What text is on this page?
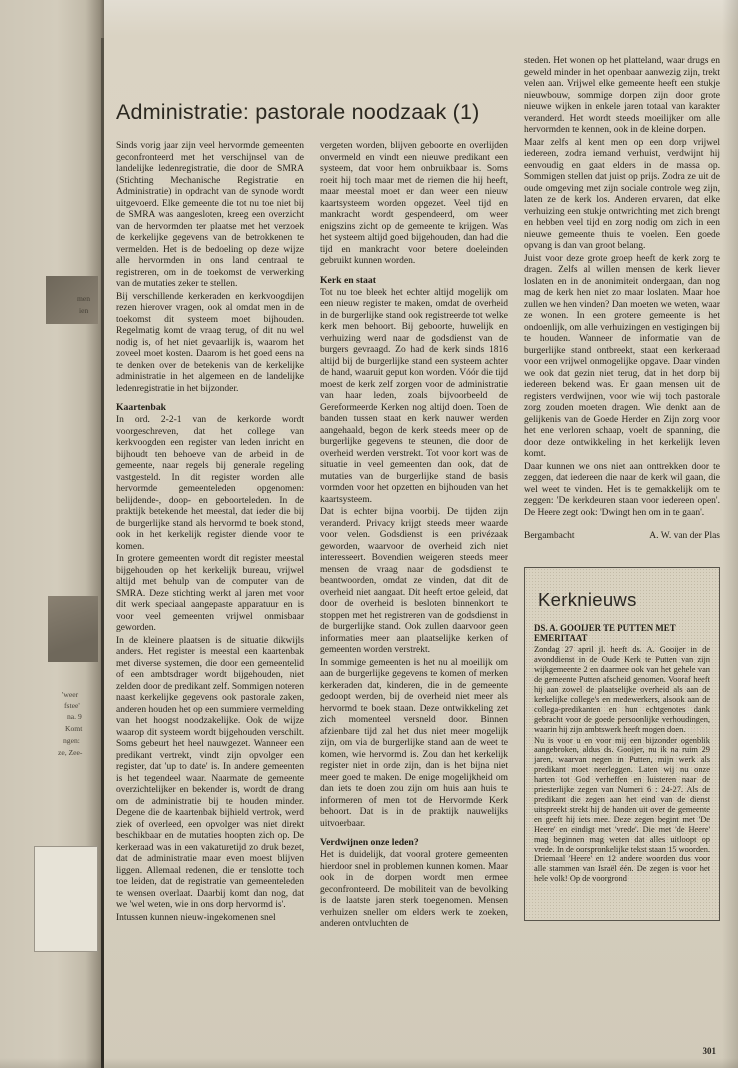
men
ien
'weer
fstee'
na. 9
Komt
ngen:
ze, Zee-
Administratie: pastorale noodzaak (1)

Sinds vorig jaar zijn veel hervormde gemeenten geconfronteerd met het verschijnsel van de landelijke ledenregistratie, die door de SMRA (Stichting Mechanische Registratie en Administratie) in opdracht van de synode wordt uitgevoerd. Elke gemeente die tot nu toe niet bij de SMRA was aangesloten, kreeg een overzicht van de hervormden ter plaatse met het verzoek de kerkelijke gegevens van de betrokkenen te vermelden. Het is de bedoeling op deze wijze alle hervormden in ons land centraal te registreren, om in de toekomst de verwerking van de mutaties zeker te stellen.

Bij verschillende kerkeraden en kerkvoogdijen rezen hierover vragen, ook al omdat men in de toekomst dit systeem moet bijhouden. Regelmatig komt de vraag terug, of dit nu wel nodig is, of het niet gevaarlijk is, waarom het zoveel moet kosten. Daarom is het goed eens na te denken over de betekenis van de kerkelijke administratie in het algemeen en de landelijke ledenregistratie in het bijzonder.

Kaartenbak

In ord. 2-2-1 van de kerkorde wordt voorgeschreven, dat het college van kerkvoogden een register van leden inricht en bijhoudt ten behoeve van de arbeid in de gemeente, naar regels bij generale regeling vastgesteld. In dit register worden alle hervormde gemeenteleden opgenomen: belijdende-, doop- en geboorteleden. In de praktijk betekende het meestal, dat ieder die bij de burgerlijke stand als hervormd te boek stond, ook in het kerkelijk register diende voor te komen.

In grotere gemeenten wordt dit register meestal bijgehouden op het kerkelijk bureau, vrijwel altijd met behulp van de computer van de SMRA. Deze stichting werkt al jaren met voor dit werk speciaal aangepaste apparatuur en is voor veel gemeenten vrijwel onmisbaar geworden.

In de kleinere plaatsen is de situatie dikwijls anders. Het register is meestal een kaartenbak met diverse systemen, die door een gemeentelid of een ambtsdrager wordt bijgehouden, niet zelden door de predikant zelf. Sommigen noteren naast kerkelijke gegevens ook pastorale zaken, anderen houden het op een summiere vermelding van het hoogst noodzakelijke. Ook de wijze waarop dit systeem wordt bijgehouden verschilt. Soms gebeurt het heel nauwgezet. Wanneer een predikant vertrekt, vindt zijn opvolger een register, dat 'up to date' is. In andere gemeenten is het tegendeel waar. Naarmate de gemeente overzichtelijker en bekender is, wordt de drang om de administratie bij te houden minder. Degene die de kaartenbak bijhield vertrok, werd ziek of overleed, een opvolger was niet direkt beschikbaar en de mutaties hoopten zich op. De kerkeraad was in een vakaturetijd zo druk bezet, dat de administratie maar even moest blijven liggen. Allemaal redenen, die er tenslotte toch toe leiden, dat de registratie van gemeenteleden te wensen overlaat. Daarbij komt dan nog, dat we 'wel weten, wie in ons dorp hervormd is'.

Intussen kunnen nieuw-ingekomenen snel

vergeten worden, blijven geboorte en overlijden onvermeld en vindt een nieuwe predikant een systeem, dat voor hem onbruikbaar is. Soms roeit hij toch maar met de riemen die hij heeft, maar meestal moet er dan weer een nieuw kaartsysteem worden opgezet. Veel tijd en mankracht wordt gespendeerd, om weer enigszins zicht op de gemeente te krijgen. Was het systeem altijd goed bijgehouden, dan had die tijd en mankracht voor betere doeleinden gebruikt kunnen worden.

Kerk en staat

Tot nu toe bleek het echter altijd mogelijk om een nieuw register te maken, omdat de overheid in de burgerlijke stand ook registreerde tot welke kerk men behoort. Bij geboorte, huwelijk en verhuizing werd naar de godsdienst van de burgers gevraagd. Zo had de kerk sinds 1816 altijd bij de burgerlijke stand een systeem achter de hand, waaruit geput kon worden. Vóór die tijd moest de kerk zelf zorgen voor de administratie van haar leden, zoals bijvoorbeeld de Gereformeerde Kerken nog altijd doen. Toen de banden tussen staat en kerk nauwer werden aangehaald, begon de kerk steeds meer op de burgerlijke gegevens te steunen, die door de overheid werden verstrekt. Tot voor kort was de situatie in veel gemeenten dan ook, dat de mutaties van de burgerlijke stand de basis vormden voor het opzetten en bijhouden van het kaartsysteem.

Dat is echter bijna voorbij. De tijden zijn veranderd. Privacy krijgt steeds meer waarde voor velen. Godsdienst is een privézaak geworden, waarvoor de overheid zich niet interesseert. Bovendien weigeren steeds meer mensen de vraag naar de godsdienst te beantwoorden, omdat ze vinden, dat dit de overheid niet aangaat. Dit heeft ertoe geleid, dat door de overheid is besloten binnenkort te stoppen met het registreren van de godsdienst in de burgerlijke stand. Ook zullen daarvoor geen informaties meer aan plaatselijke kerken of gemeenten worden verstrekt.

In sommige gemeenten is het nu al moeilijk om aan de burgerlijke gegevens te komen of merken kerkeraden dat, kinderen, die in de gemeente gedoopt werden, bij de overheid niet meer als hervormd te boek staan. Deze ontwikkeling zet zich momenteel versneld door. Binnen afzienbare tijd zal het dus niet meer mogelijk zijn, om via de burgerlijke stand aan de weet te komen, wie hervormd is. Zou dan het kerkelijk register niet in orde zijn, dan is het bijna niet meer goed te maken. De enige mogelijkheid om dan iets te doen zou zijn om huis aan huis te informeren of men tot de Hervormde Kerk behoort. Dat is in de praktijk nauwelijks uitvoerbaar.

Verdwijnen onze leden?

Het is duidelijk, dat vooral grotere gemeenten hierdoor snel in problemen kunnen komen. Maar ook in de dorpen wordt men ermee geconfronteerd. De mobiliteit van de bevolking is de laatste jaren sterk toegenomen. Mensen verhuizen sneller om elders werk te zoeken, anderen ontvluchten de

steden. Het wonen op het platteland, waar drugs en geweld minder in het openbaar aanwezig zijn, trekt velen aan. Vrijwel elke gemeente heeft een stukje nieuwbouw, sommige dorpen zijn door grote nieuwe wijken in enkele jaren totaal van karakter veranderd. Het wordt steeds moeilijker om alle hervormden te kennen, ook in de kleine dorpen.

Maar zelfs al kent men op een dorp vrijwel iedereen, zodra iemand verhuist, verdwijnt hij eenvoudig en gaat elders in de massa op. Sommigen stellen dat juist op prijs. Zodra ze uit de oude omgeving met zijn sociale controle weg zijn, laten ze de kerk los. Anderen ervaren, dat elke verhuizing een stukje ontwrichting met zich brengt en hebben veel tijd en zorg nodig om zich in een nieuwe gemeente thuis te voelen. Een goede opvang is dan van groot belang.

Juist voor deze grote groep heeft de kerk zorg te dragen. Zelfs al willen mensen de kerk liever loslaten en in de anonimiteit ondergaan, dan nog mag de kerk hen niet zo maar loslaten. Maar hoe zullen we hen vinden? Dan moeten we weten, waar ze wonen. In een grotere gemeente is het ondoenlijk, om alle verhuizingen en vestigingen bij te houden. Wanneer de informatie van de burgerlijke stand ontbreekt, staat een kerkeraad voor een vrijwel onmogelijke opgave. Daar vinden we ook dat gezin niet terug, dat in het dorp bij iedereen bekend was. Er gaan mensen uit de registers verdwijnen, voor wie wij toch pastorale zorg zouden moeten dragen. Wie denkt aan de gelijkenis van de Goede Herder en Zijn zorg voor het ene verloren schaap, voelt de spanning, die door deze ontwikkeling in het kerkelijk leven komt.

Daar kunnen we ons niet aan onttrekken door te zeggen, dat iedereen die naar de kerk wil gaan, die wel weet te vinden. Het is te gemakkelijk om te zeggen: 'De kerkdeuren staan voor iedereen open'. De Heere zegt ook: 'Dwingt hen om in te gaan'.

Bergambacht	A. W. van der Plas
Kerknieuws
DS. A. GOOIJER TE PUTTEN MET EMERITAAT

Zondag 27 april jl. heeft ds. A. Gooijer in de avonddienst in de Oude Kerk te Putten van zijn wijkgemeente 2 en daarmee ook van het gehele van de gemeente Putten afscheid genomen. Vooraf heeft hij aan zowel de plaatselijke overheid als aan de kerkelijke college's en medewerkers, alsook aan de collega-predikanten en hun echtgenotes dank gebracht voor de goede persoonlijke verhoudingen, waarin hij zijn ambtswerk heeft mogen doen.

Nu is voor u en voor mij een bijzonder ogenblik aangebroken, aldus ds. Gooijer, nu ik na ruim 29 jaren, waarvan negen in Putten, mijn werk als predikant moet neerleggen. Laten wij nu onze harten tot God verheffen en luisteren naar de priesterlijke zegen van Numeri 6 : 24-27. Als de predikant die zegen aan het eind van de dienst uitspreekt strekt hij de handen uit over de gemeente en geeft hij iets mee. Deze zegen begint met 'De Heere' en eindigt met 'vrede'. Die met 'de Heere' mag beginnen mag weten dat alles uitloopt op vrede. In de oorspronkelijke tekst staan 15 woorden. Driemaal 'Heere' en 12 andere woorden dus voor alle stammen van Israël één. De zegen is voor het hele volk! Op de voorgrond

301
